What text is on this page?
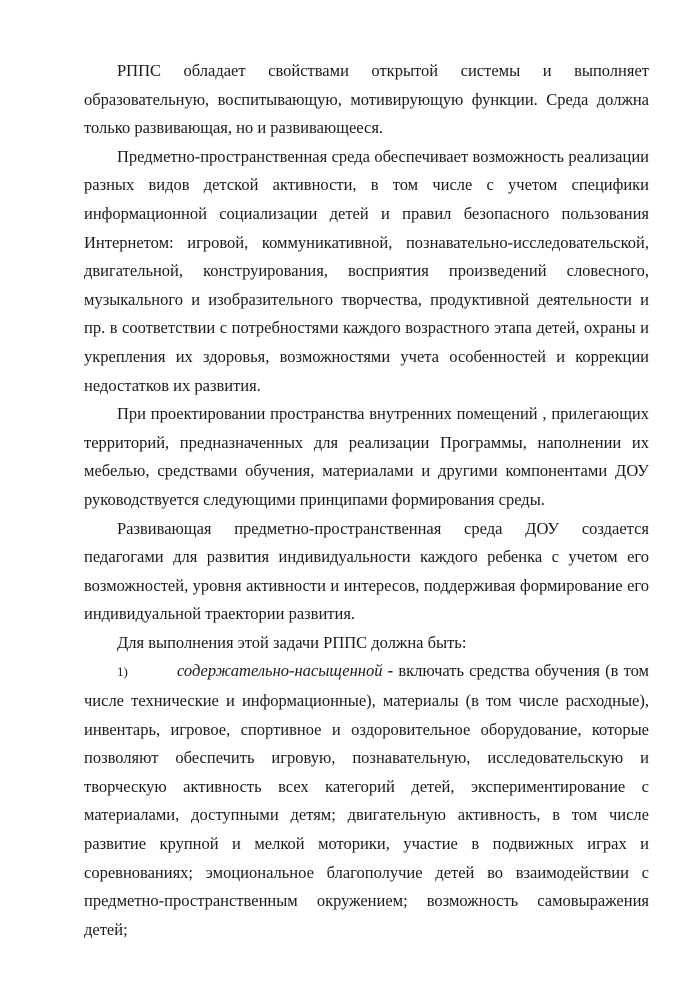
РППС обладает свойствами открытой системы и выполняет образовательную, воспитывающую, мотивирующую функции. Среда должна только развивающая, но и развивающееся.

Предметно-пространственная среда обеспечивает возможность реализации разных видов детской активности, в том числе с учетом специфики информационной социализации детей и правил безопасного пользования Интернетом: игровой, коммуникативной, познавательно-исследовательской, двигательной, конструирования, восприятия произведений словесного, музыкального и изобразительного творчества, продуктивной деятельности и пр. в соответствии с потребностями каждого возрастного этапа детей, охраны и укрепления их здоровья, возможностями учета особенностей и коррекции недостатков их развития.

При проектировании пространства внутренних помещений , прилегающих территорий, предназначенных для реализации Программы, наполнении их мебелью, средствами обучения, материалами и другими компонентами ДОУ руководствуется следующими принципами формирования среды.

Развивающая предметно-пространственная среда ДОУ создается педагогами для развития индивидуальности каждого ребенка с учетом его возможностей, уровня активности и интересов, поддерживая формирование его индивидуальной траектории развития.

Для выполнения этой задачи РППС должна быть:

1)	содержательно-насыщенной - включать средства обучения (в том числе технические и информационные), материалы (в том числе расходные), инвентарь, игровое, спортивное и оздоровительное оборудование, которые позволяют обеспечить игровую, познавательную, исследовательскую и творческую активность всех категорий детей, экспериментирование с материалами, доступными детям; двигательную активность, в том числе развитие крупной и мелкой моторики, участие в подвижных играх и соревнованиях; эмоциональное благополучие детей во взаимодействии с предметно-пространственным окружением; возможность самовыражения детей;
